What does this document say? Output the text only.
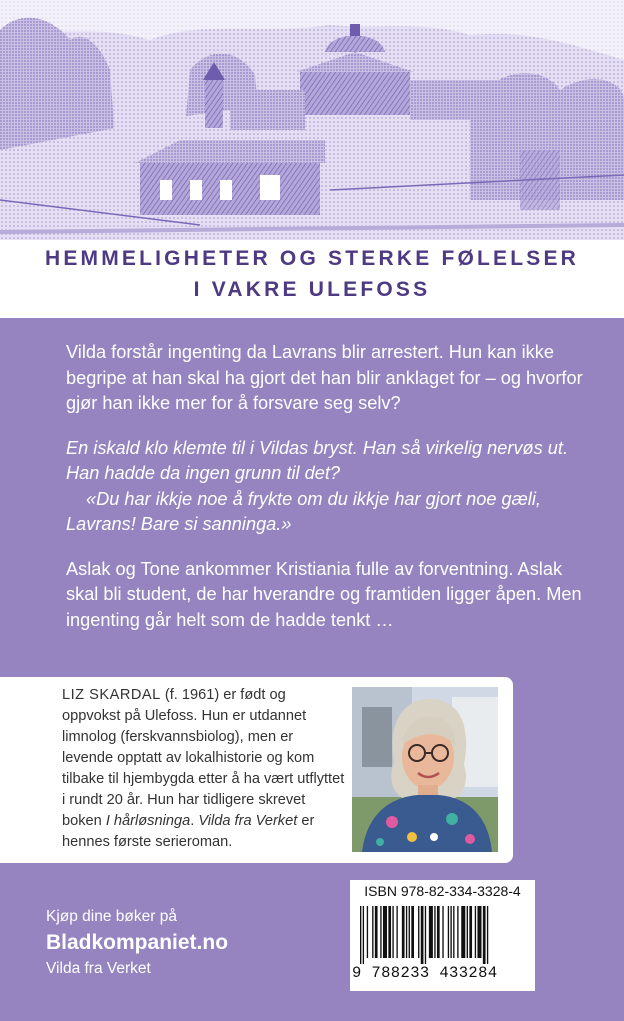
HEMMELIGHETER OG STERKE FØLELSER
I VAKRE ULEFOSS

Vilda forstår ingenting da Lavrans blir arrestert. Hun kan ikke begripe at han skal ha gjort det han blir anklaget for – og hvorfor gjør han ikke mer for å forsvare seg selv?

En iskald klo klemte til i Vildas bryst. Han så virkelig nervøs ut. Han hadde da ingen grunn til det?
«Du har ikkje noe å frykte om du ikkje har gjort noe gæli, Lavrans! Bare si sanninga.»

Aslak og Tone ankommer Kristiania fulle av forventning. Aslak skal bli student, de har hverandre og framtiden ligger åpen. Men ingenting går helt som de hadde tenkt …

LIZ SKARDAL (f. 1961) er født og oppvokst på Ulefoss. Hun er utdannet limnolog (ferskvannsbiolog), men er levende opptatt av lokalhistorie og kom tilbake til hjembygda etter å ha vært utflyttet i rundt 20 år. Hun har tidligere skrevet boken I hårløsninga. Vilda fra Verket er hennes første serieroman.
Kjøp dine bøker på
Bladkompaniet.no
Vilda fra Verket
ISBN 978-82-334-3328-4
9 788233 433284
